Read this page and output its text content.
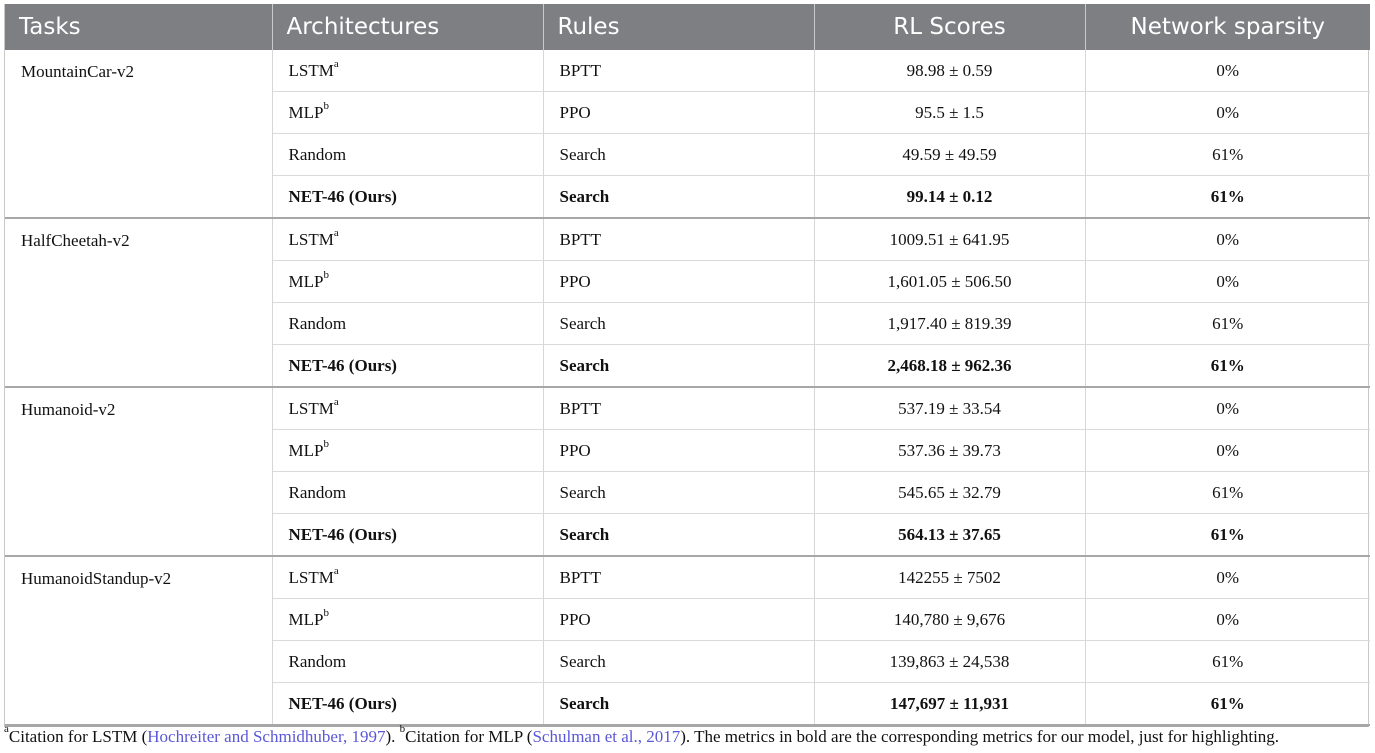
Tasks	Architectures	Rules	RL Scores	Network sparsity
MountainCar-v2	LSTM$^a$	BPTT	98.98 ± 0.59	0%
	MLP$^b$	PPO	95.5 ± 1.5	0%
	Random	Search	49.59 ± 49.59	61%
	NET-46 (Ours)	Search	99.14 ± 0.12	61%
HalfCheetah-v2	LSTM$^a$	BPTT	1009.51 ± 641.95	0%
	MLP$^b$	PPO	1,601.05 ± 506.50	0%
	Random	Search	1,917.40 ± 819.39	61%
	NET-46 (Ours)	Search	2,468.18 ± 962.36	61%
Humanoid-v2	LSTM$^a$	BPTT	537.19 ± 33.54	0%
	MLP$^b$	PPO	537.36 ± 39.73	0%
	Random	Search	545.65 ± 32.79	61%
	NET-46 (Ours)	Search	564.13 ± 37.65	61%
HumanoidStandup-v2	LSTM$^a$	BPTT	142255 ± 7502	0%
	MLP$^b$	PPO	140,780 ± 9,676	0%
	Random	Search	139,863 ± 24,538	61%
	NET-46 (Ours)	Search	147,697 ± 11,931	61%
$^a$Citation for LSTM (Hochreiter and Schmidhuber, 1997). $^b$Citation for MLP (Schulman et al., 2017). The metrics in bold are the corresponding metrics for our model, just for highlighting.
